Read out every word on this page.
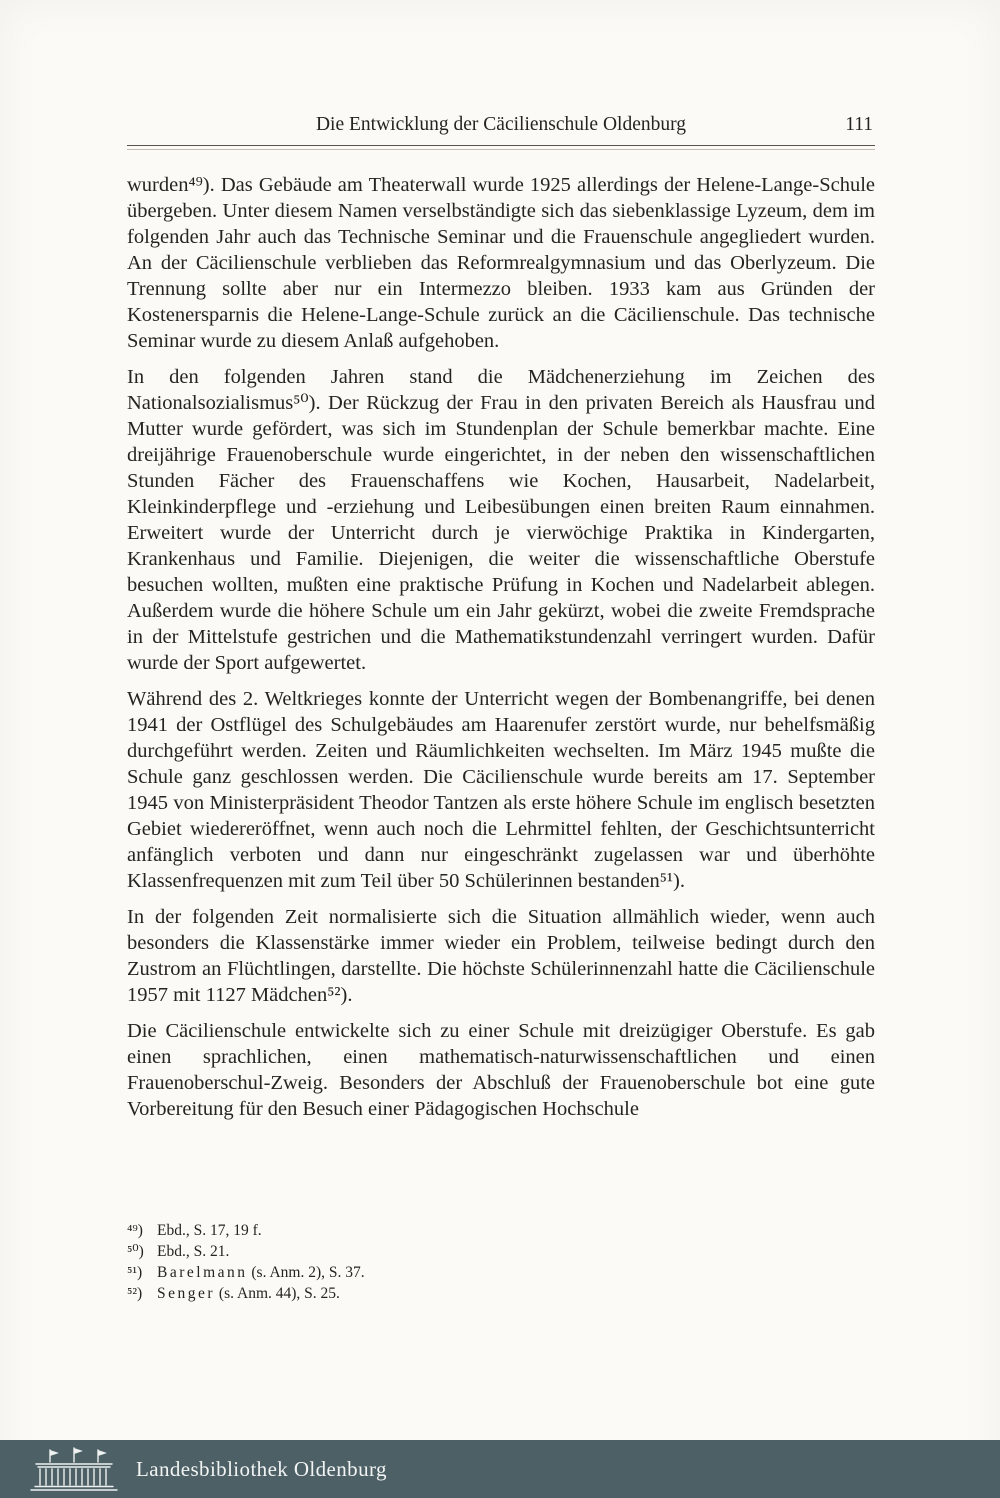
Die Entwicklung der Cäcilienschule Oldenburg	111

wurden⁴⁹). Das Gebäude am Theaterwall wurde 1925 allerdings der Helene-Lange-Schule übergeben. Unter diesem Namen verselbständigte sich das siebenklassige Lyzeum, dem im folgenden Jahr auch das Technische Seminar und die Frauenschule angegliedert wurden. An der Cäcilienschule verblieben das Reformrealgymnasium und das Oberlyzeum. Die Trennung sollte aber nur ein Intermezzo bleiben. 1933 kam aus Gründen der Kostenersparnis die Helene-Lange-Schule zurück an die Cäcilienschule. Das technische Seminar wurde zu diesem Anlaß aufgehoben.

In den folgenden Jahren stand die Mädchenerziehung im Zeichen des Nationalsozialismus⁵⁰). Der Rückzug der Frau in den privaten Bereich als Hausfrau und Mutter wurde gefördert, was sich im Stundenplan der Schule bemerkbar machte. Eine dreijährige Frauenoberschule wurde eingerichtet, in der neben den wissenschaftlichen Stunden Fächer des Frauenschaffens wie Kochen, Hausarbeit, Nadelarbeit, Kleinkinderpflege und -erziehung und Leibesübungen einen breiten Raum einnahmen. Erweitert wurde der Unterricht durch je vierwöchige Praktika in Kindergarten, Krankenhaus und Familie. Diejenigen, die weiter die wissenschaftliche Oberstufe besuchen wollten, mußten eine praktische Prüfung in Kochen und Nadelarbeit ablegen. Außerdem wurde die höhere Schule um ein Jahr gekürzt, wobei die zweite Fremdsprache in der Mittelstufe gestrichen und die Mathematikstundenzahl verringert wurden. Dafür wurde der Sport aufgewertet.

Während des 2. Weltkrieges konnte der Unterricht wegen der Bombenangriffe, bei denen 1941 der Ostflügel des Schulgebäudes am Haarenufer zerstört wurde, nur behelfsmäßig durchgeführt werden. Zeiten und Räumlichkeiten wechselten. Im März 1945 mußte die Schule ganz geschlossen werden. Die Cäcilienschule wurde bereits am 17. September 1945 von Ministerpräsident Theodor Tantzen als erste höhere Schule im englisch besetzten Gebiet wiedereröffnet, wenn auch noch die Lehrmittel fehlten, der Geschichtsunterricht anfänglich verboten und dann nur eingeschränkt zugelassen war und überhöhte Klassenfrequenzen mit zum Teil über 50 Schülerinnen bestanden⁵¹).

In der folgenden Zeit normalisierte sich die Situation allmählich wieder, wenn auch besonders die Klassenstärke immer wieder ein Problem, teilweise bedingt durch den Zustrom an Flüchtlingen, darstellte. Die höchste Schülerinnenzahl hatte die Cäcilienschule 1957 mit 1127 Mädchen⁵²).

Die Cäcilienschule entwickelte sich zu einer Schule mit dreizügiger Oberstufe. Es gab einen sprachlichen, einen mathematisch-naturwissenschaftlichen und einen Frauenoberschul-Zweig. Besonders der Abschluß der Frauenoberschule bot eine gute Vorbereitung für den Besuch einer Pädagogischen Hochschule

⁴⁹) Ebd., S. 17, 19 f.
⁵⁰) Ebd., S. 21.
⁵¹) Barelmann (s. Anm. 2), S. 37.
⁵²) Senger (s. Anm. 44), S. 25.
Landesbibliothek Oldenburg
